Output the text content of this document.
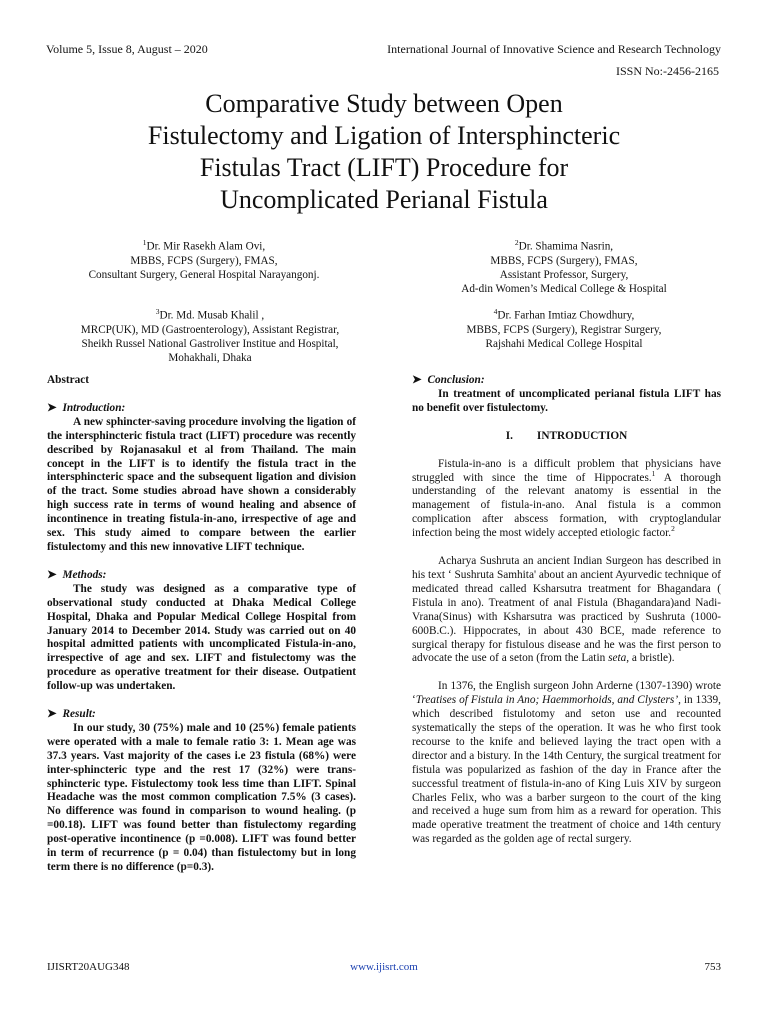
Volume 5, Issue 8, August – 2020	International Journal of Innovative Science and Research Technology
ISSN No:-2456-2165
Comparative Study between Open
Fistulectomy and Ligation of Intersphincteric
Fistulas Tract (LIFT) Procedure for
Uncomplicated Perianal Fistula
$^1$Dr. Mir Rasekh Alam Ovi,
MBBS, FCPS (Surgery), FMAS,
Consultant Surgery, General Hospital Narayangonj.
$^2$Dr. Shamima Nasrin,
MBBS, FCPS (Surgery), FMAS,
Assistant Professor, Surgery,
Ad-din Women’s Medical College & Hospital
$^3$Dr. Md. Musab Khalil ,
MRCP(UK), MD (Gastroenterology), Assistant Registrar,
Sheikh Russel National Gastroliver Institue and Hospital,
Mohakhali, Dhaka
$^4$Dr. Farhan Imtiaz Chowdhury,
MBBS, FCPS (Surgery), Registrar Surgery,
Rajshahi Medical College Hospital
Abstract
➤ Introduction:

A new sphincter-saving procedure involving the ligation of the intersphincteric fistula tract (LIFT) procedure was recently described by Rojanasakul et al from Thailand. The main concept in the LIFT is to identify the fistula tract in the intersphincteric space and the subsequent ligation and division of the tract. Some studies abroad have shown a considerably high success rate in terms of wound healing and absence of incontinence in treating fistula-in-ano, irrespective of age and sex. This study aimed to compare between the earlier fistulectomy and this new innovative LIFT technique.

➤ Methods:

The study was designed as a comparative type of observational study conducted at Dhaka Medical College Hospital, Dhaka and Popular Medical College Hospital from January 2014 to December 2014. Study was carried out on 40 hospital admitted patients with uncomplicated Fistula-in-ano, irrespective of age and sex. LIFT and fistulectomy was the procedure as operative treatment for their disease. Outpatient follow-up was undertaken.

➤ Result:

In our study, 30 (75%) male and 10 (25%) female patients were operated with a male to female ratio 3: 1. Mean age was 37.3 years. Vast majority of the cases i.e 23 fistula (68%) were inter-sphincteric type and the rest 17 (32%) were trans-sphincteric type. Fistulectomy took less time than LIFT. Spinal Headache was the most common complication 7.5% (3 cases). No difference was found in comparison to wound healing. (p =00.18). LIFT was found better than fistulectomy regarding post-operative incontinence (p =0.008). LIFT was found better in term of recurrence (p = 0.04) than fistulectomy but in long term there is no difference (p=0.3).

➤ Conclusion:

In treatment of uncomplicated perianal fistula LIFT has no benefit over fistulectomy.

I. INTRODUCTION

Fistula-in-ano is a difficult problem that physicians have struggled with since the time of Hippocrates.$^1$ A thorough understanding of the relevant anatomy is essential in the management of fistula-in-ano. Anal fistula is a common complication after abscess formation, with cryptoglandular infection being the most widely accepted etiologic factor.$^2$

Acharya Sushruta an ancient Indian Surgeon has described in his text ‘ Sushruta Samhita' about an ancient Ayurvedic technique of medicated thread called Ksharsutra treatment for Bhagandara ( Fistula in ano). Treatment of anal Fistula (Bhagandara)and Nadi-Vrana(Sinus) with Ksharsutra was practiced by Sushruta (1000-600B.C.). Hippocrates, in about 430 BCE, made reference to surgical therapy for fistulous disease and he was the first person to advocate the use of a seton (from the Latin seta, a bristle).

In 1376, the English surgeon John Arderne (1307-1390) wrote ‘Treatises of Fistula in Ano; Haemmorhoids, and Clysters’, in 1339, which described fistulotomy and seton use and recounted systematically the steps of the operation. It was he who first took recourse to the knife and believed laying the tract open with a director and a bistury. In the 14th Century, the surgical treatment for fistula was popularized as fashion of the day in France after the successful treatment of fistula-in-ano of King Luis XIV by surgeon Charles Felix, who was a barber surgeon to the court of the king and received a huge sum from him as a reward for operation. This made operative treatment the treatment of choice and 14th century was regarded as the golden age of rectal surgery.

IJISRT20AUG348	www.ijisrt.com	753
